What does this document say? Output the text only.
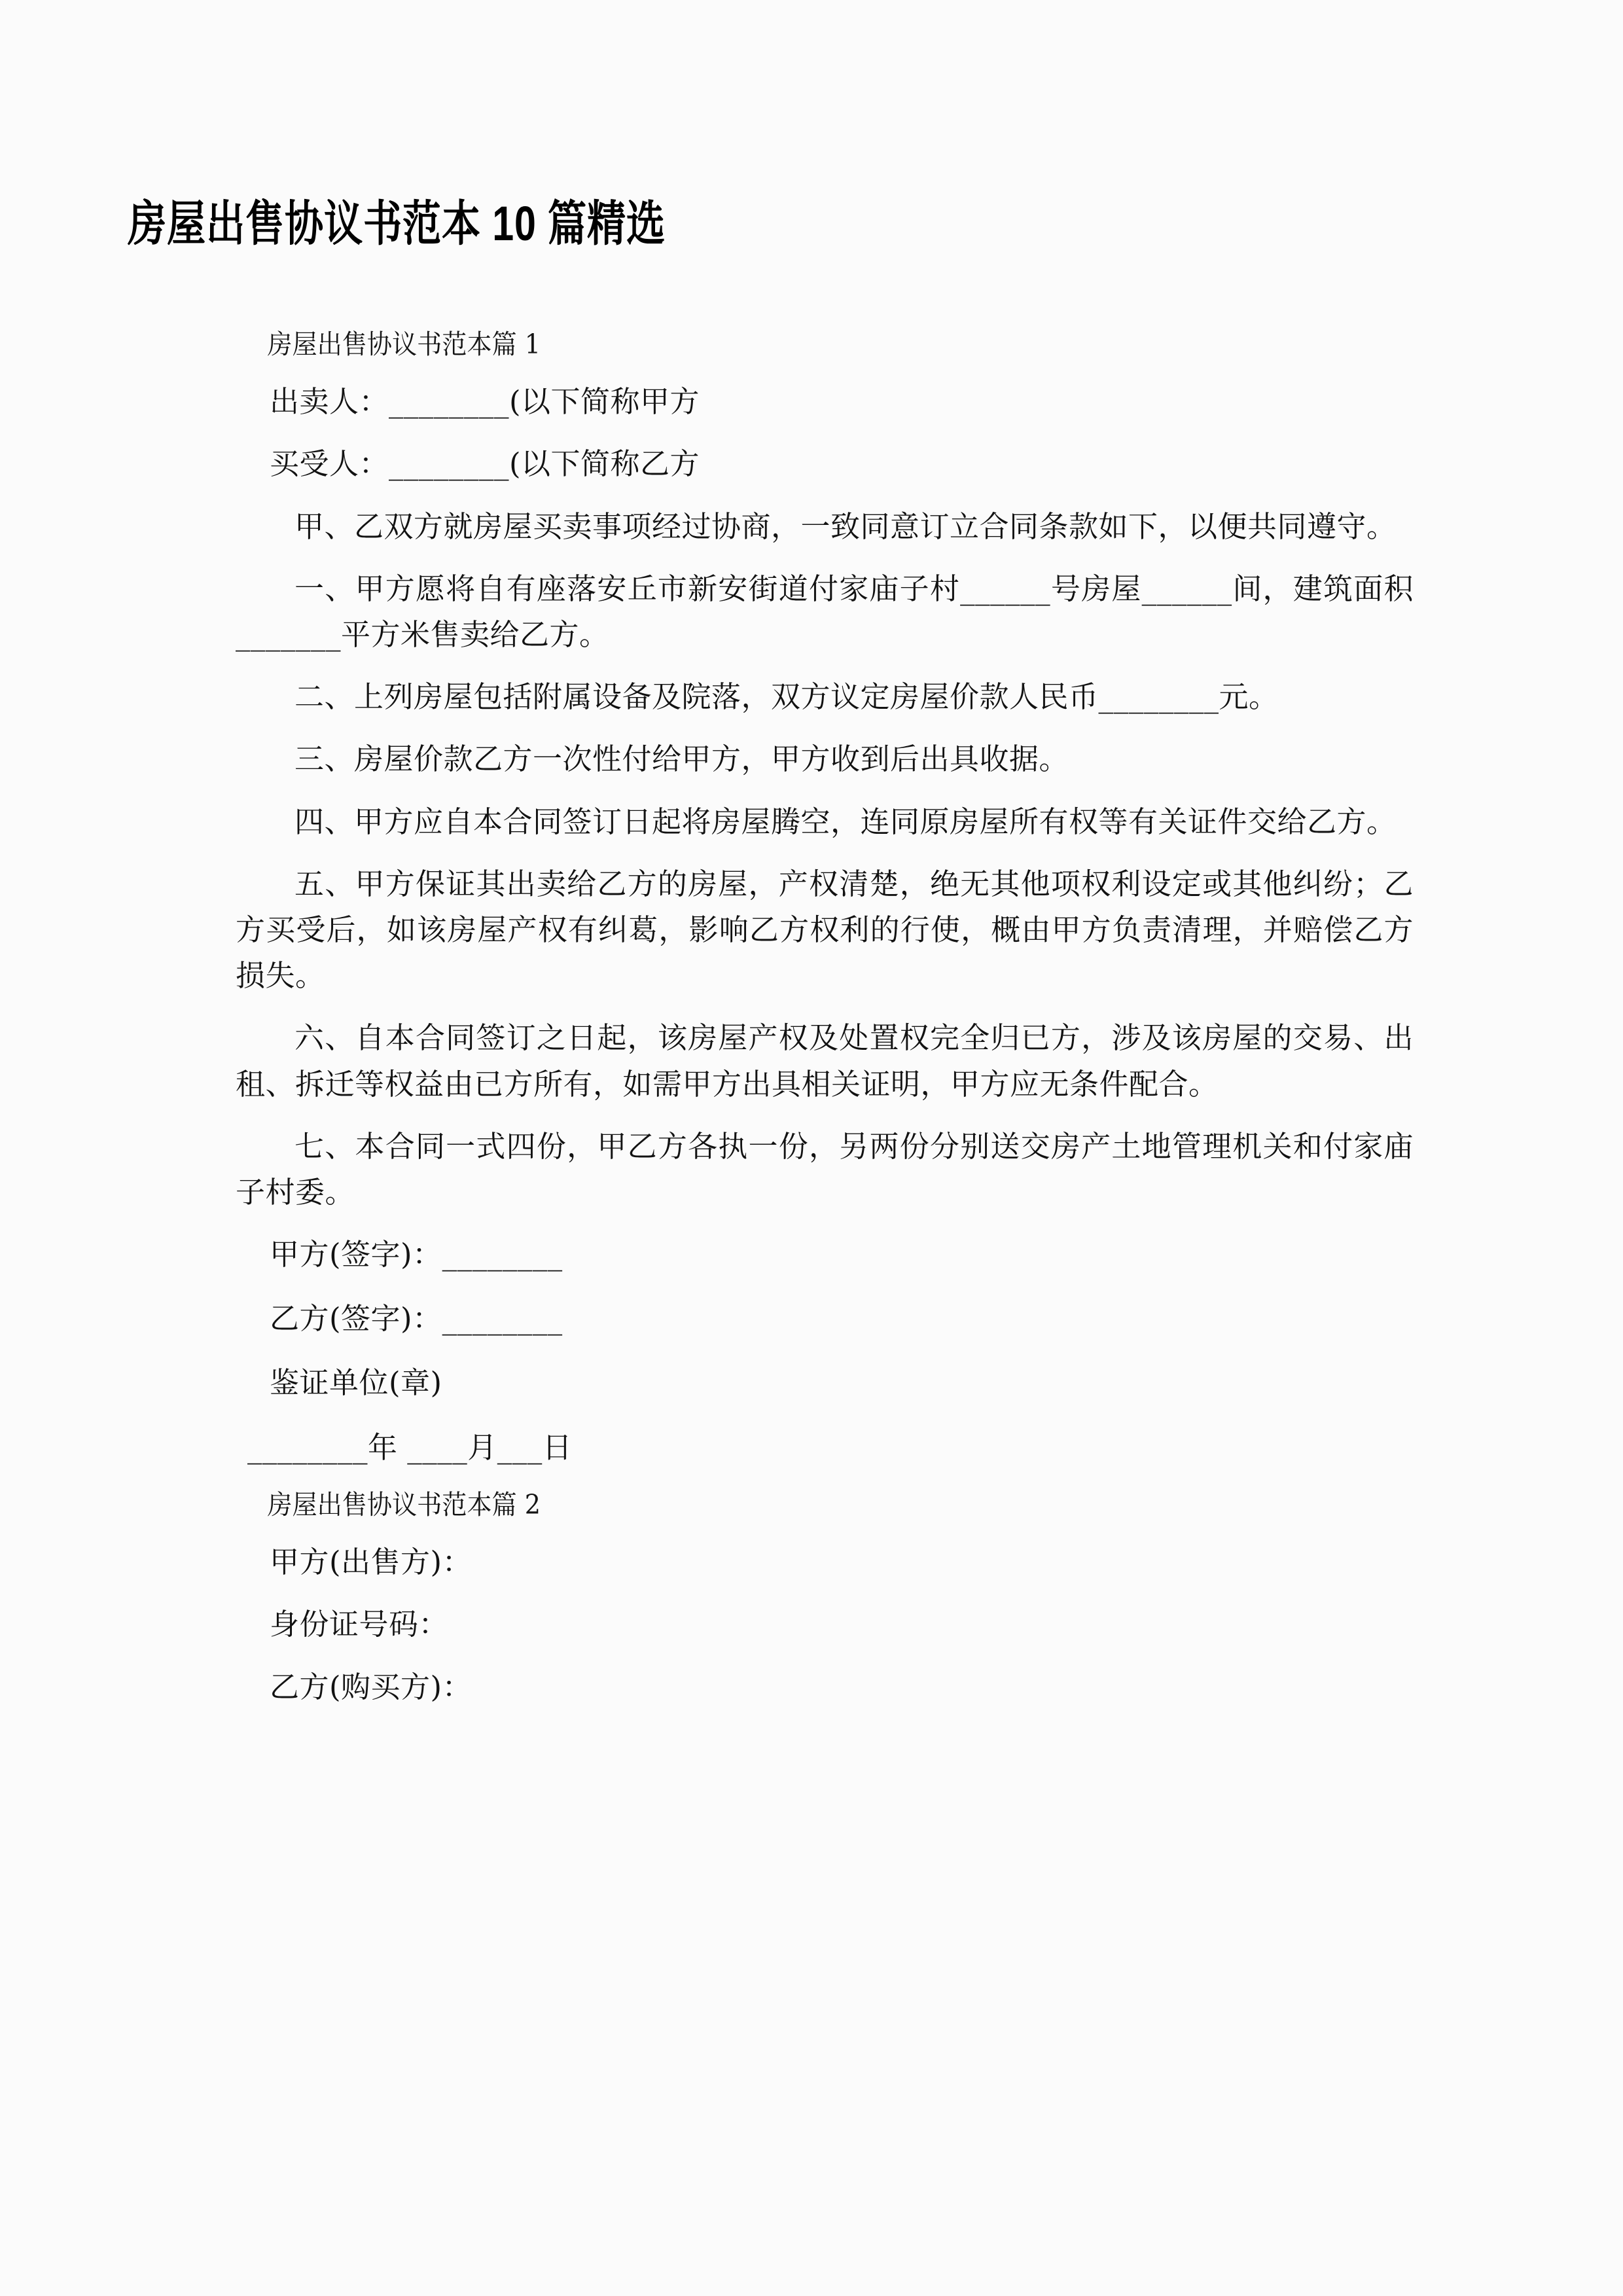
房屋出售协议书范本 10 篇精选

房屋出售协议书范本篇 1

出卖人：________(以下简称甲方

买受人：________(以下简称乙方

甲、乙双方就房屋买卖事项经过协商，一致同意订立合同条款如下，以便共同遵守。

一、甲方愿将自有座落安丘市新安街道付家庙子村______号房屋______间，建筑面积_______平方米售卖给乙方。

二、上列房屋包括附属设备及院落，双方议定房屋价款人民币________元。

三、房屋价款乙方一次性付给甲方，甲方收到后出具收据。

四、甲方应自本合同签订日起将房屋腾空，连同原房屋所有权等有关证件交给乙方。

五、甲方保证其出卖给乙方的房屋，产权清楚，绝无其他项权利设定或其他纠纷；乙方买受后，如该房屋产权有纠葛，影响乙方权利的行使，概由甲方负责清理，并赔偿乙方损失。

六、自本合同签订之日起，该房屋产权及处置权完全归已方，涉及该房屋的交易、出租、拆迁等权益由已方所有，如需甲方出具相关证明，甲方应无条件配合。

七、本合同一式四份，甲乙方各执一份，另两份分别送交房产土地管理机关和付家庙子村委。

甲方(签字)：________

乙方(签字)：________

鉴证单位(章)

________年 ____月___日

房屋出售协议书范本篇 2

甲方(出售方)：

身份证号码：

乙方(购买方)：
